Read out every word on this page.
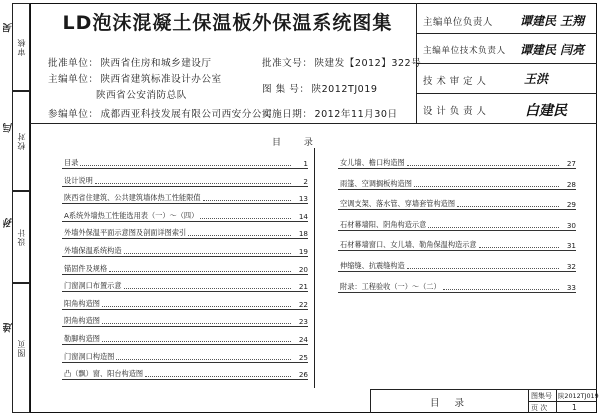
审核
校对
设计
图页
吴
闫
孙
连
LD泡沫混凝土保温板外保温系统图集
批准单位： 陕西省住房和城乡建设厅	批准文号： 陕建发【2012】322号
主编单位： 陕西省建筑标准设计办公室
陕西省公安消防总队
图 集 号： 陕2012TJ019
参编单位： 成都西亚科技发展有限公司西安分公司
实施日期： 2012年11月30日
主编单位负责人 谭建民 王翔
主编单位技术负责人 谭建民 闫亮
技术审定人	王洪
设计负责人	白建民
目 录
目录	1
设计说明	2
陕西省住建筑、公共建筑墙体热工性能限值	13
A系统外墙热工性能选用表（一）～（四）	14
外墙外保温平面示意图及剖面详图索引	18
外墙保温系统构造	19
锚固件及规格	20
门窗洞口布置示意	21
阳角构造图	22
阴角构造图	23
勒脚构造图	24
门窗洞口构造图	25
凸（飘）窗、阳台构造图	26
女儿墙、檐口构造图	27
雨篷、空调搁板构造图	28
空调支架、落水管、穿墙套管构造图	29
石材幕墙阳、阴角构造示意	30
石材幕墙窗口、女儿墙、勒角保温构造示意	31
伸缩缝、抗震缝构造	32
附录：工程验收（一）～（二）	33
目 录
图集号 陕2012TJ019
页 次	1
